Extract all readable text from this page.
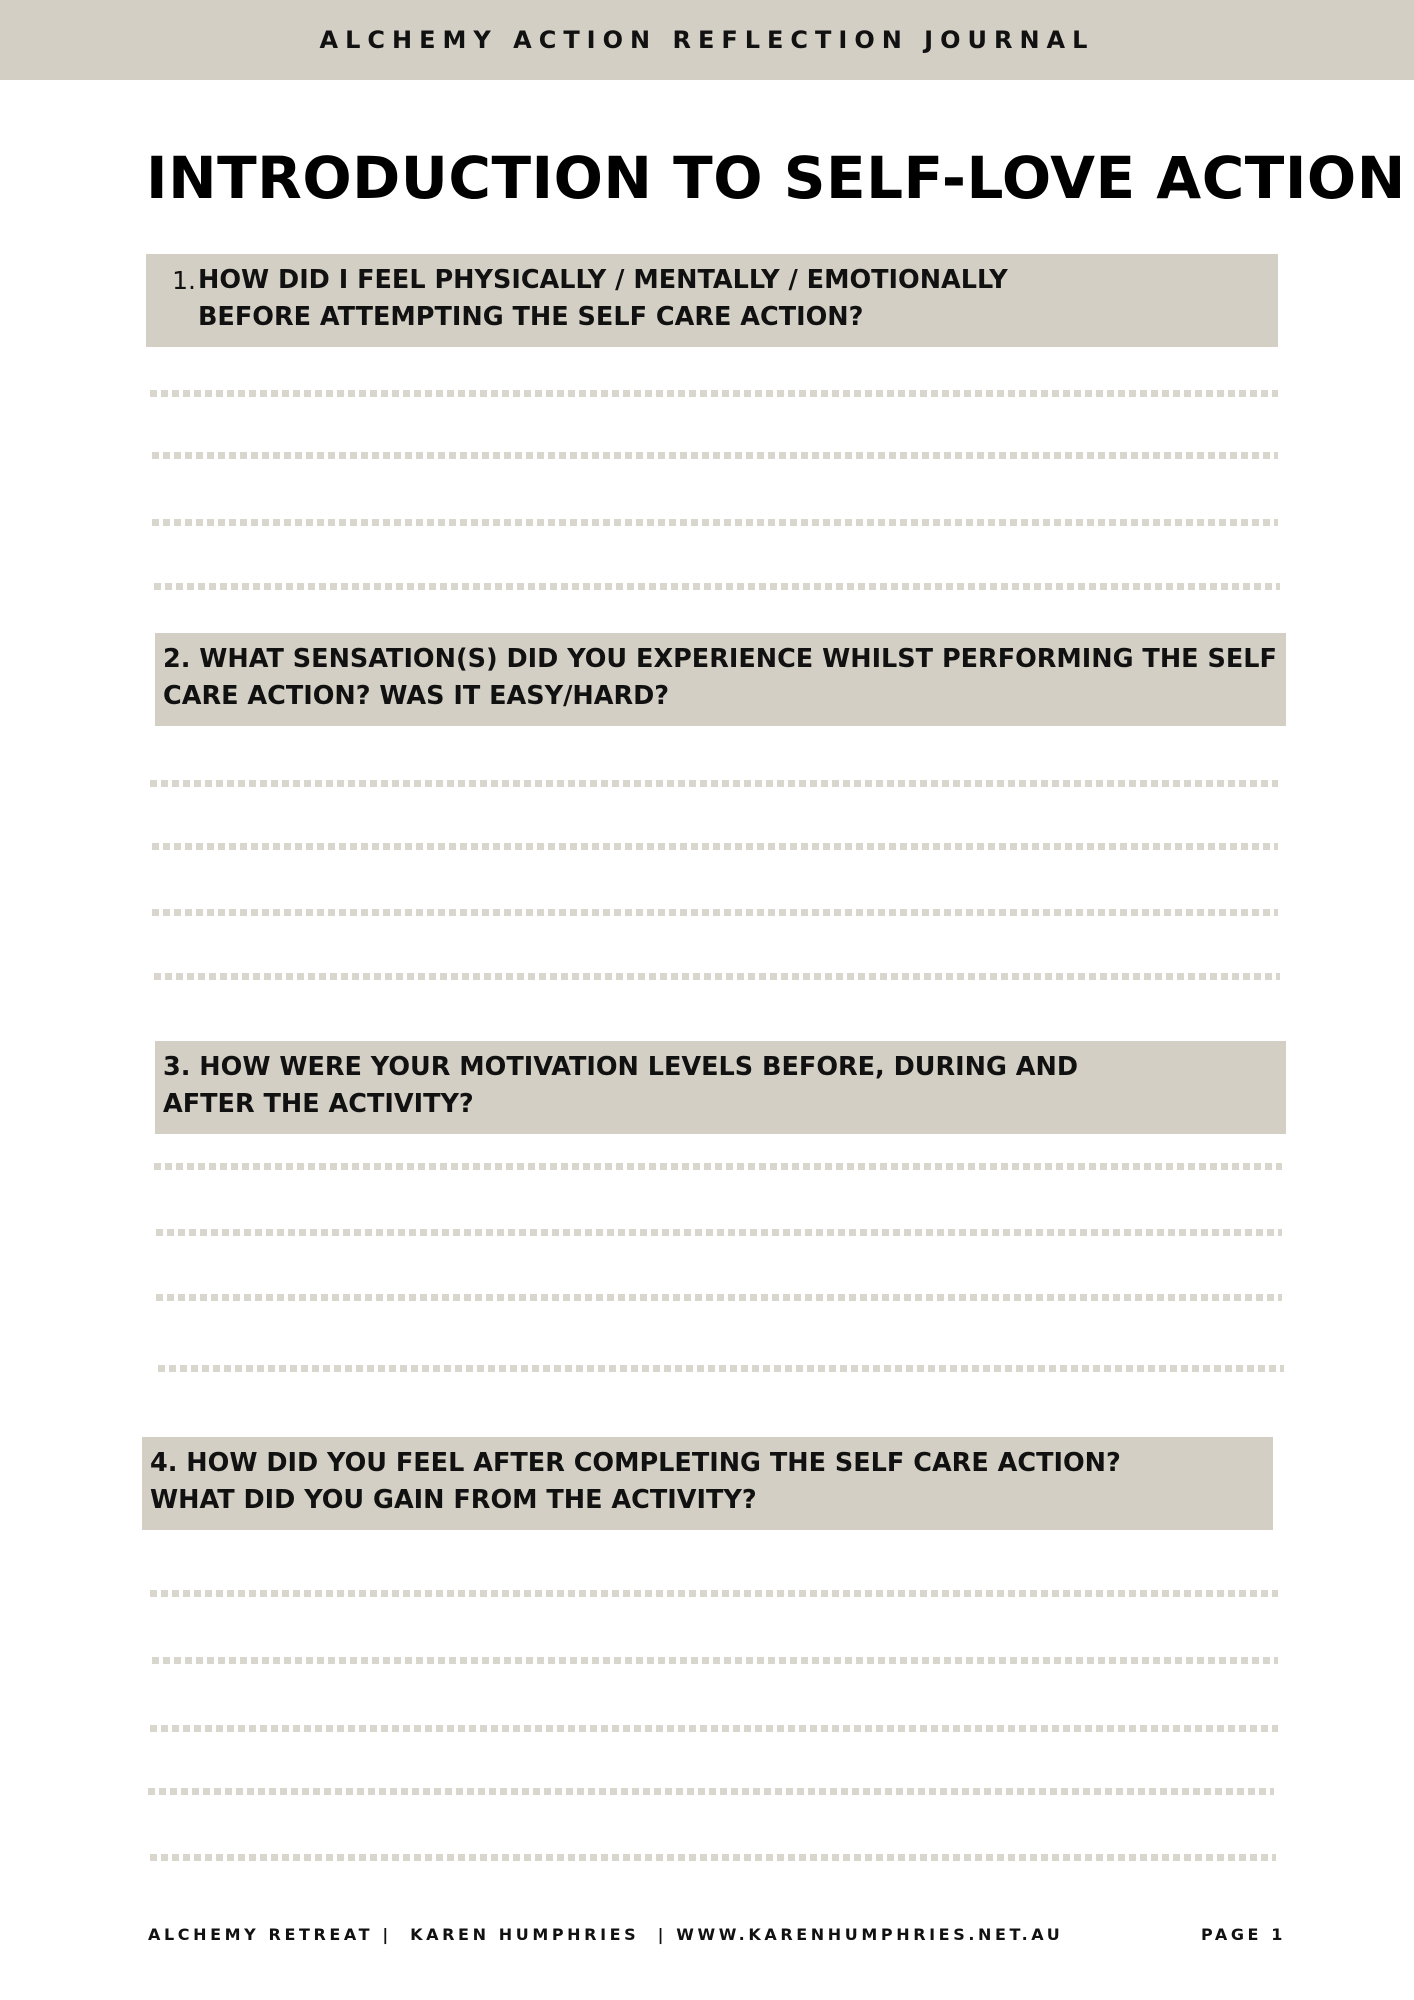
ALCHEMY ACTION REFLECTION JOURNAL
INTRODUCTION TO SELF-LOVE ACTION
1. HOW DID I FEEL PHYSICALLY / MENTALLY / EMOTIONALLY BEFORE ATTEMPTING THE SELF CARE ACTION?
2. WHAT SENSATION(S) DID YOU EXPERIENCE WHILST PERFORMING THE SELF CARE ACTION? WAS IT EASY/HARD?
3. HOW WERE YOUR MOTIVATION LEVELS BEFORE, DURING AND AFTER THE ACTIVITY?
4. HOW DID YOU FEEL AFTER COMPLETING THE SELF CARE ACTION?
WHAT DID YOU GAIN FROM THE ACTIVITY?
ALCHEMY RETREAT |  KAREN HUMPHRIES  | WWW.KARENHUMPHRIES.NET.AU	PAGE 1
